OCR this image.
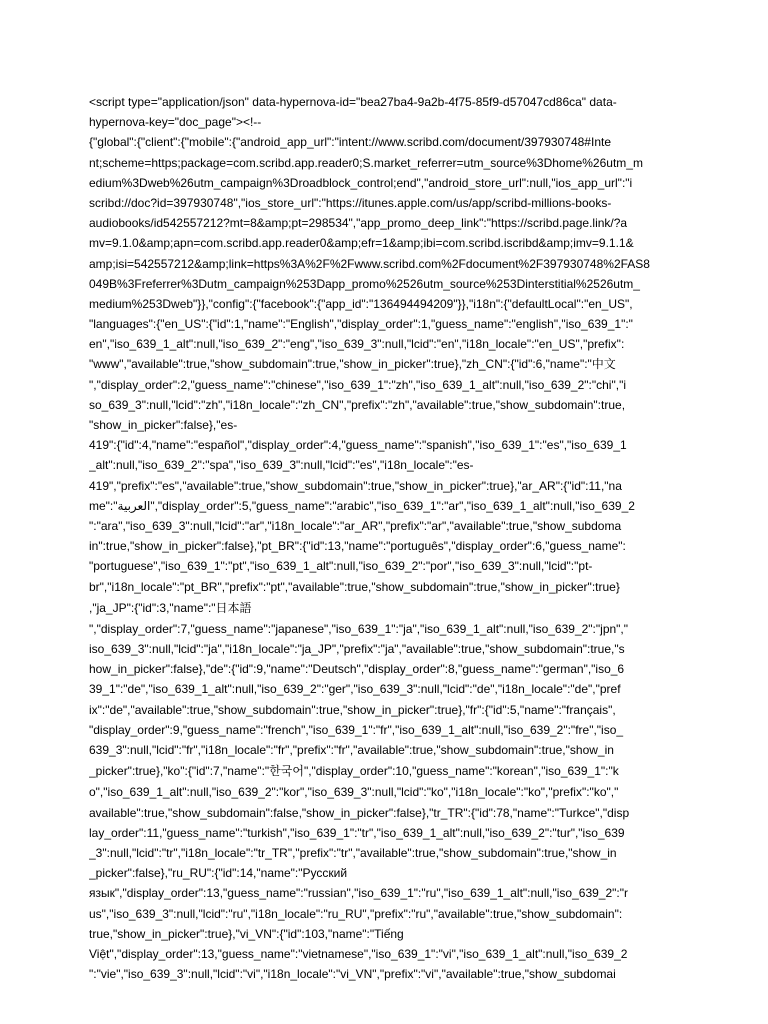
<script type="application/json" data-hypernova-id="bea27ba4-9a2b-4f75-85f9-d57047cd86ca" data-
hypernova-key="doc_page"><!--
{"global":{"client":{"mobile":{"android_app_url":"intent://www.scribd.com/document/397930748#Inte
nt;scheme=https;package=com.scribd.app.reader0;S.market_referrer=utm_source%3Dhome%26utm_m
edium%3Dweb%26utm_campaign%3Droadblock_control;end","android_store_url":null,"ios_app_url":"i
scribd://doc?id=397930748","ios_store_url":"https://itunes.apple.com/us/app/scribd-millions-books-
audiobooks/id542557212?mt=8&amp;pt=298534","app_promo_deep_link":"https://scribd.page.link/?a
mv=9.1.0&amp;apn=com.scribd.app.reader0&amp;efr=1&amp;ibi=com.scribd.iscribd&amp;imv=9.1.1&
amp;isi=542557212&amp;link=https%3A%2F%2Fwww.scribd.com%2Fdocument%2F397930748%2FAS8
049B%3Freferrer%3Dutm_campaign%253Dapp_promo%2526utm_source%253Dinterstitial%2526utm_
medium%253Dweb"}},"config":{"facebook":{"app_id":"136494494209"}},"i18n":{"defaultLocal":"en_US",
"languages":{"en_US":{"id":1,"name":"English","display_order":1,"guess_name":"english","iso_639_1":"
en","iso_639_1_alt":null,"iso_639_2":"eng","iso_639_3":null,"lcid":"en","i18n_locale":"en_US","prefix":
"www","available":true,"show_subdomain":true,"show_in_picker":true},"zh_CN":{"id":6,"name":"中文
","display_order":2,"guess_name":"chinese","iso_639_1":"zh","iso_639_1_alt":null,"iso_639_2":"chi","i
so_639_3":null,"lcid":"zh","i18n_locale":"zh_CN","prefix":"zh","available":true,"show_subdomain":true,
"show_in_picker":false},"es-
419":{"id":4,"name":"español","display_order":4,"guess_name":"spanish","iso_639_1":"es","iso_639_1
_alt":null,"iso_639_2":"spa","iso_639_3":null,"lcid":"es","i18n_locale":"es-
419","prefix":"es","available":true,"show_subdomain":true,"show_in_picker":true},"ar_AR":{"id":11,"na
me":"العربية","display_order":5,"guess_name":"arabic","iso_639_1":"ar","iso_639_1_alt":null,"iso_639_2
":"ara","iso_639_3":null,"lcid":"ar","i18n_locale":"ar_AR","prefix":"ar","available":true,"show_subdoma
in":true,"show_in_picker":false},"pt_BR":{"id":13,"name":"português","display_order":6,"guess_name":
"portuguese","iso_639_1":"pt","iso_639_1_alt":null,"iso_639_2":"por","iso_639_3":null,"lcid":"pt-
br","i18n_locale":"pt_BR","prefix":"pt","available":true,"show_subdomain":true,"show_in_picker":true}
,"ja_JP":{"id":3,"name":"日本語
","display_order":7,"guess_name":"japanese","iso_639_1":"ja","iso_639_1_alt":null,"iso_639_2":"jpn","
iso_639_3":null,"lcid":"ja","i18n_locale":"ja_JP","prefix":"ja","available":true,"show_subdomain":true,"s
how_in_picker":false},"de":{"id":9,"name":"Deutsch","display_order":8,"guess_name":"german","iso_6
39_1":"de","iso_639_1_alt":null,"iso_639_2":"ger","iso_639_3":null,"lcid":"de","i18n_locale":"de","pref
ix":"de","available":true,"show_subdomain":true,"show_in_picker":true},"fr":{"id":5,"name":"français",
"display_order":9,"guess_name":"french","iso_639_1":"fr","iso_639_1_alt":null,"iso_639_2":"fre","iso_
639_3":null,"lcid":"fr","i18n_locale":"fr","prefix":"fr","available":true,"show_subdomain":true,"show_in
_picker":true},"ko":{"id":7,"name":"한국어","display_order":10,"guess_name":"korean","iso_639_1":"k
o","iso_639_1_alt":null,"iso_639_2":"kor","iso_639_3":null,"lcid":"ko","i18n_locale":"ko","prefix":"ko","
available":true,"show_subdomain":false,"show_in_picker":false},"tr_TR":{"id":78,"name":"Turkce","disp
lay_order":11,"guess_name":"turkish","iso_639_1":"tr","iso_639_1_alt":null,"iso_639_2":"tur","iso_639
_3":null,"lcid":"tr","i18n_locale":"tr_TR","prefix":"tr","available":true,"show_subdomain":true,"show_in
_picker":false},"ru_RU":{"id":14,"name":"Русский
язык","display_order":13,"guess_name":"russian","iso_639_1":"ru","iso_639_1_alt":null,"iso_639_2":"r
us","iso_639_3":null,"lcid":"ru","i18n_locale":"ru_RU","prefix":"ru","available":true,"show_subdomain":
true,"show_in_picker":true},"vi_VN":{"id":103,"name":"Tiếng
Việt","display_order":13,"guess_name":"vietnamese","iso_639_1":"vi","iso_639_1_alt":null,"iso_639_2
":"vie","iso_639_3":null,"lcid":"vi","i18n_locale":"vi_VN","prefix":"vi","available":true,"show_subdomai
